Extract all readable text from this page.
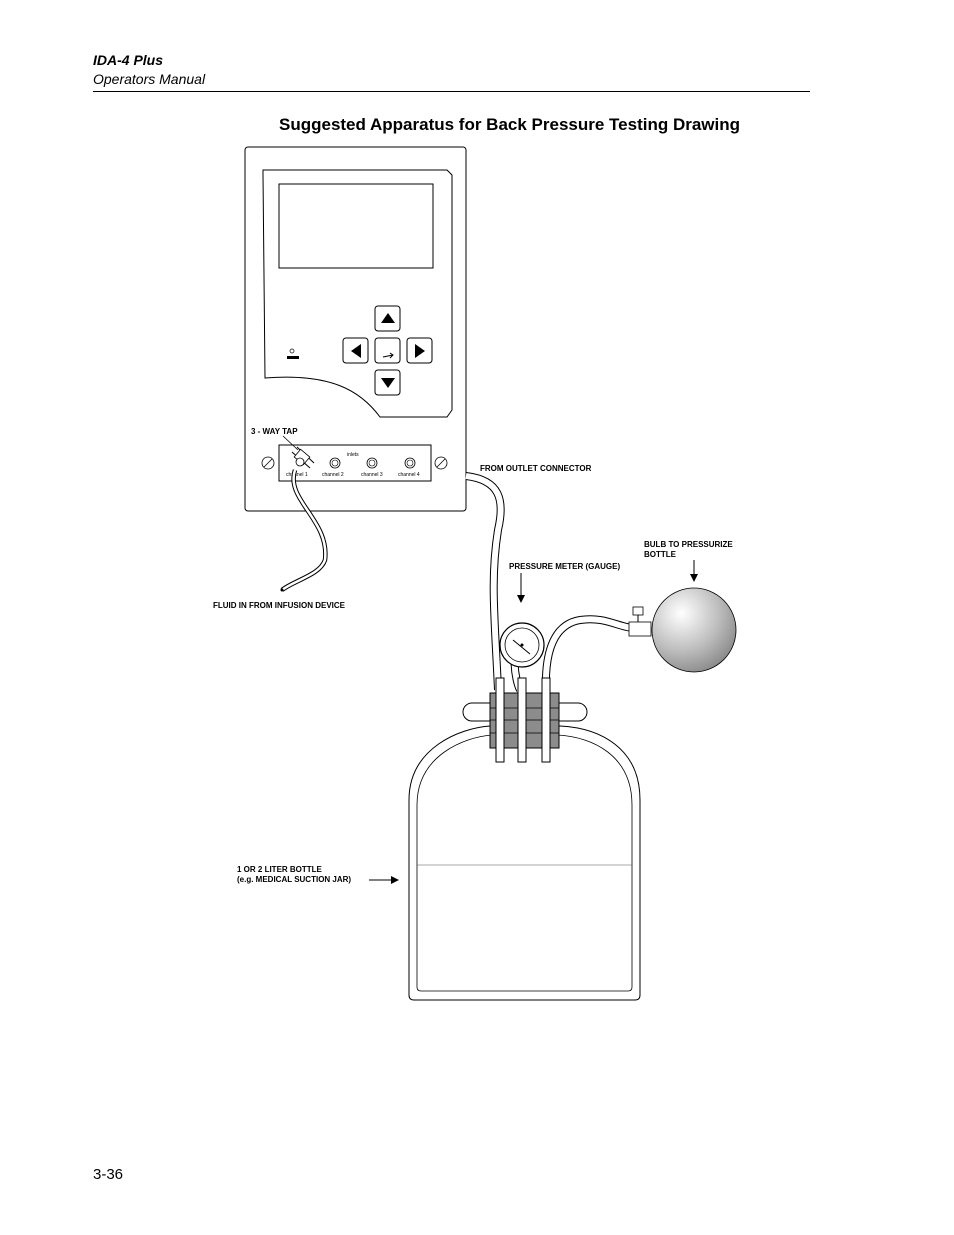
IDA-4 Plus
Operators Manual
Suggested Apparatus for Back Pressure Testing Drawing
inlets
channel 1	channel 2	channel 3	channel 4
3 - WAY TAP
FROM OUTLET CONNECTOR
BULB TO PRESSURIZE
BOTTLE
PRESSURE METER (GAUGE)
FLUID IN FROM INFUSION DEVICE
1 OR 2 LITER BOTTLE
(e.g. MEDICAL SUCTION JAR)
3-36
